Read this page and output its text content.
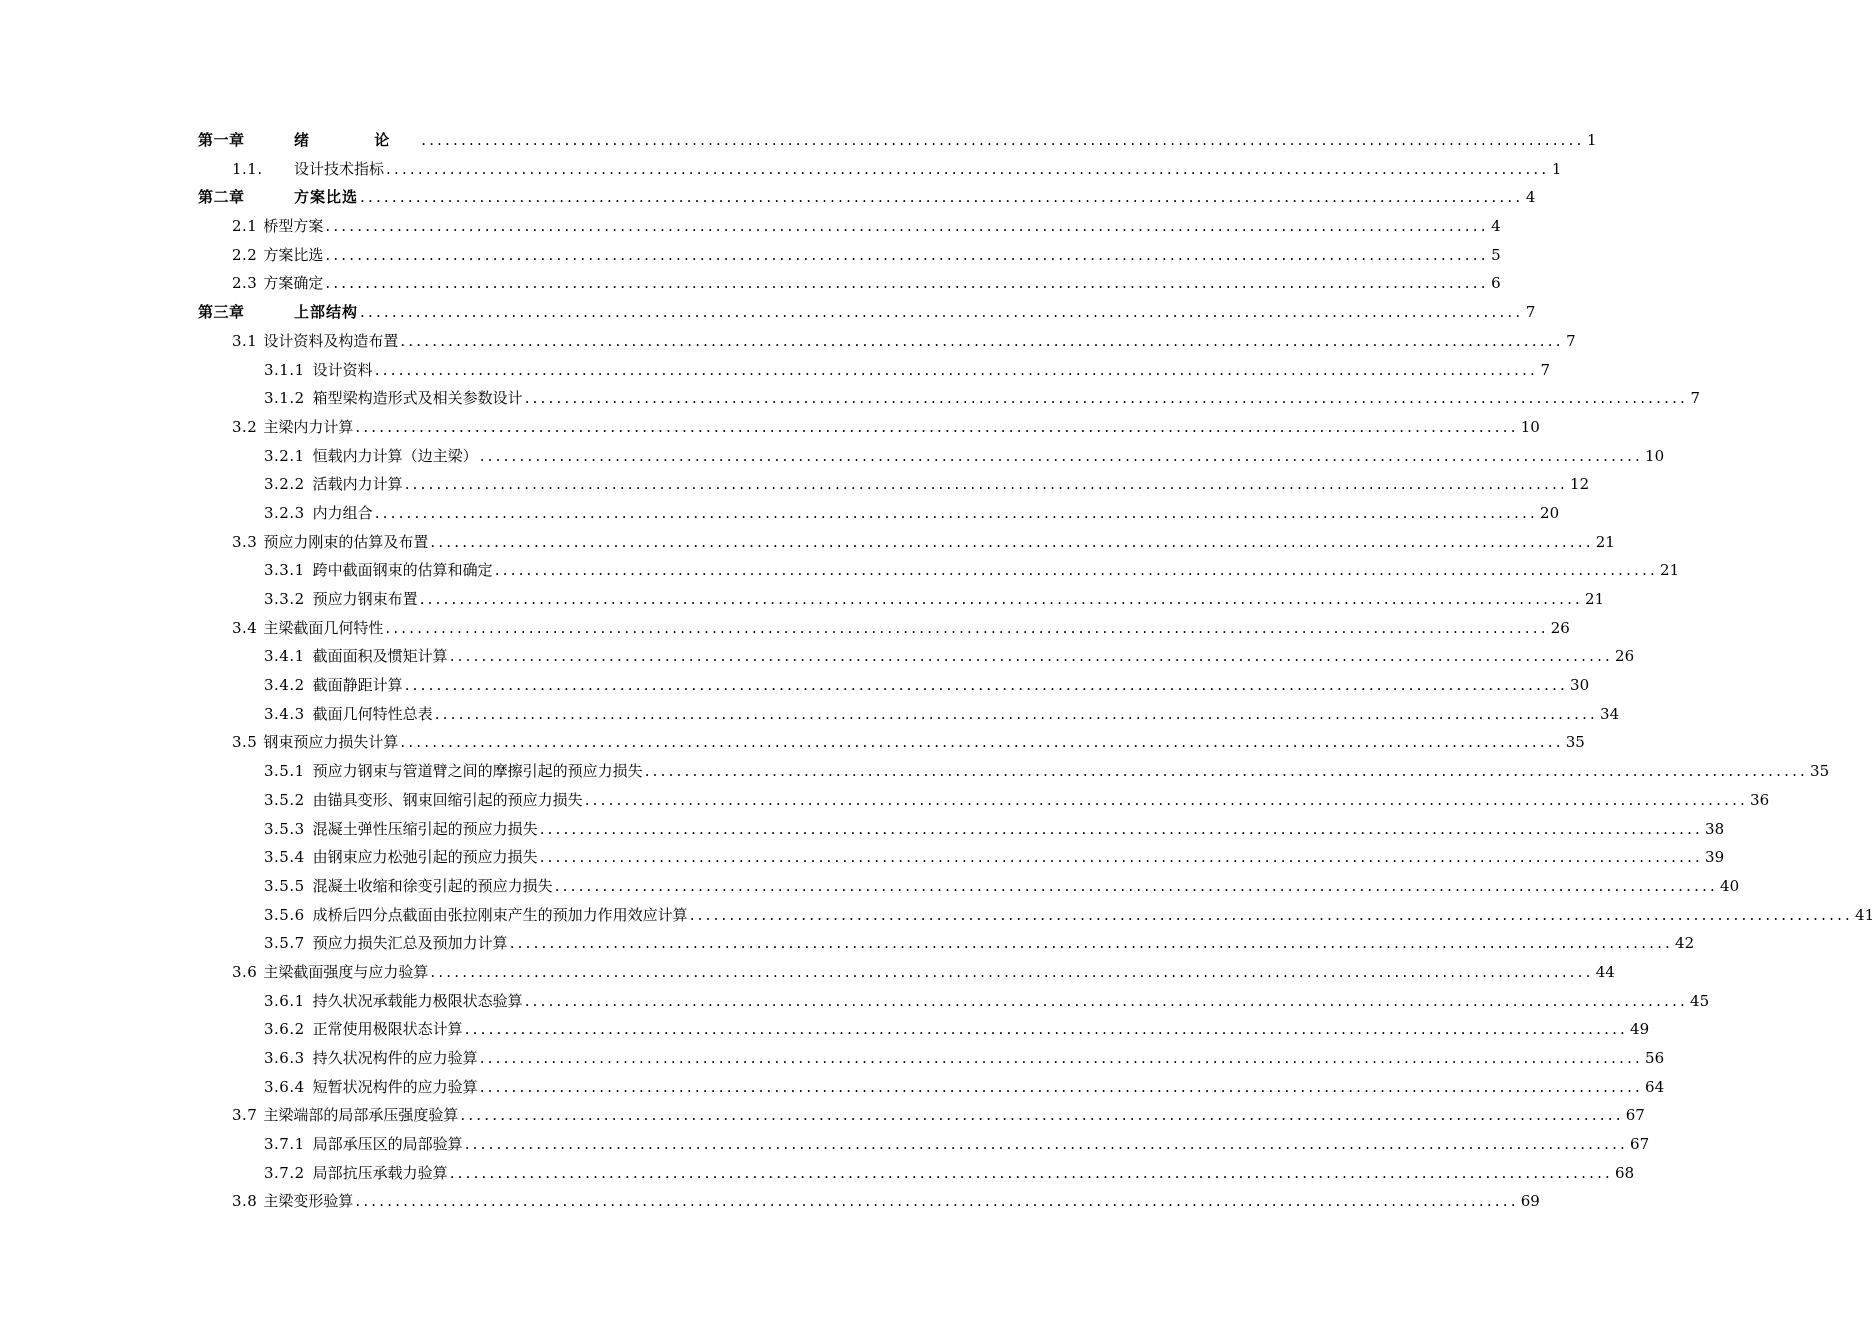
第一章	绪 论 .....	1
1.1.	设计技术指标 .....	1
第二章	方案比选 .....	4
2.1 桥型方案 .....	4
2.2 方案比选 .....	5
2.3 方案确定 .....	6
第三章	上部结构 .....	7
3.1 设计资料及构造布置 .....	7
3.1.1 设计资料 .....	7
3.1.2 箱型梁构造形式及相关参数设计 .....	7
3.2 主梁内力计算 .....	10
3.2.1 恒载内力计算（边主梁） .....	10
3.2.2 活载内力计算 .....	12
3.2.3 内力组合 .....	20
3.3 预应力刚束的估算及布置 .....	21
3.3.1 跨中截面钢束的估算和确定 .....	21
3.3.2 预应力钢束布置 .....	21
3.4 主梁截面几何特性 .....	26
3.4.1 截面面积及惯矩计算 .....	26
3.4.2 截面静距计算 .....	30
3.4.3 截面几何特性总表 .....	34
3.5 钢束预应力损失计算 .....	35
3.5.1 预应力钢束与管道臂之间的摩擦引起的预应力损失 .....	35
3.5.2 由锚具变形、钢束回缩引起的预应力损失 .....	36
3.5.3 混凝土弹性压缩引起的预应力损失 .....	38
3.5.4 由钢束应力松弛引起的预应力损失 .....	39
3.5.5 混凝土收缩和徐变引起的预应力损失 .....	40
3.5.6 成桥后四分点截面由张拉刚束产生的预加力作用效应计算 .....	41
3.5.7 预应力损失汇总及预加力计算 .....	42
3.6 主梁截面强度与应力验算 .....	44
3.6.1 持久状况承载能力极限状态验算 .....	45
3.6.2 正常使用极限状态计算 .....	49
3.6.3 持久状况构件的应力验算 .....	56
3.6.4 短暂状况构件的应力验算 .....	64
3.7 主梁端部的局部承压强度验算 .....	67
3.7.1 局部承压区的局部验算 .....	67
3.7.2 局部抗压承载力验算 .....	68
3.8 主梁变形验算 .....	69
